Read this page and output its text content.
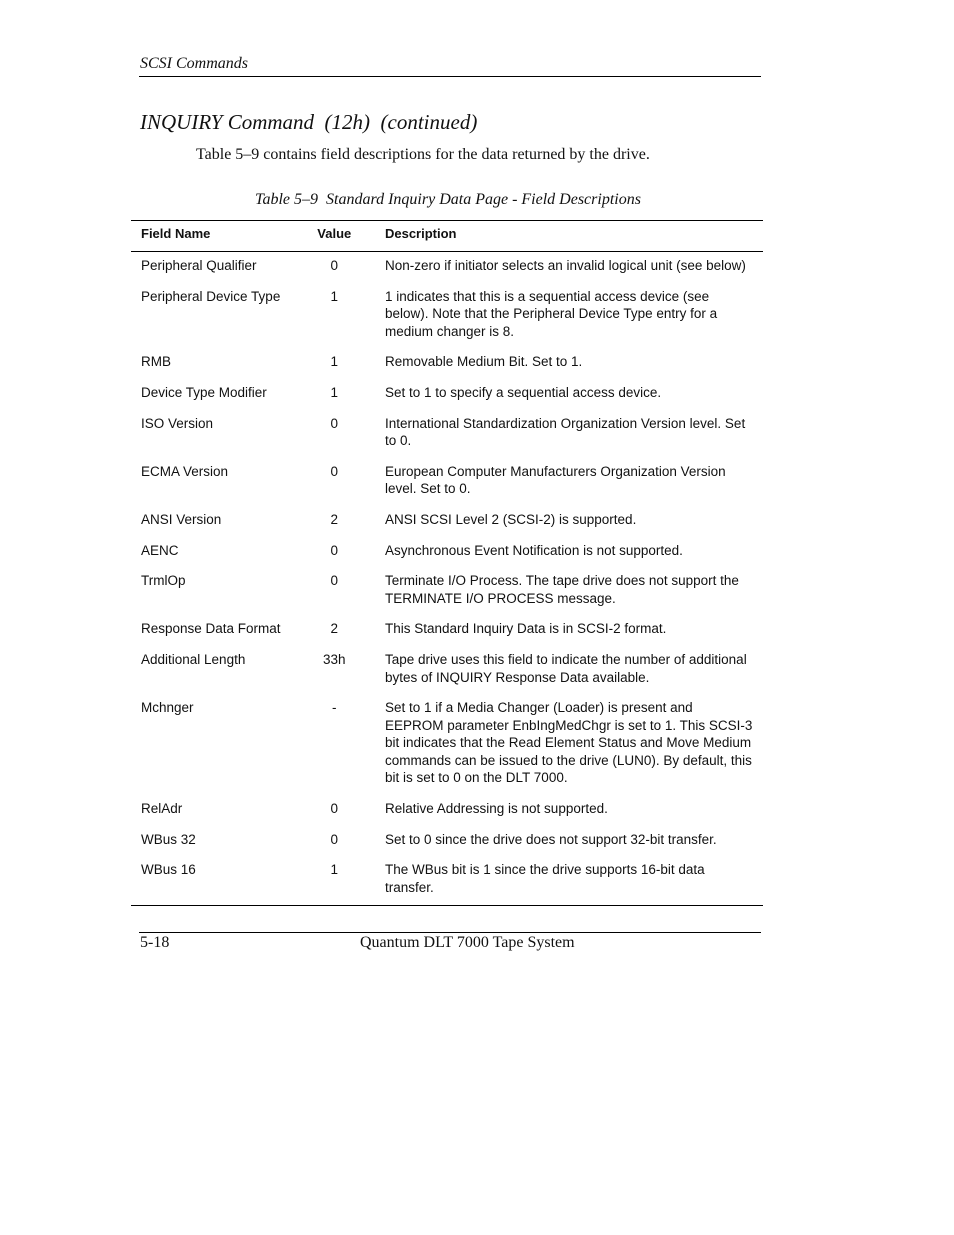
SCSI Commands
INQUIRY Command  (12h)  (continued)
Table 5–9 contains field descriptions for the data returned by the drive.
Table 5–9  Standard Inquiry Data Page - Field Descriptions
Field Name	Value	Description
Peripheral Qualifier	0	Non-zero if initiator selects an invalid logical unit (see below)
Peripheral Device Type	1	1 indicates that this is a sequential access device (see below). Note that the Peripheral Device Type entry for a medium changer is 8.
RMB	1	Removable Medium Bit. Set to 1.
Device Type Modifier	1	Set to 1 to specify a sequential access device.
ISO Version	0	International Standardization Organization Version level. Set to 0.
ECMA Version	0	European Computer Manufacturers Organization Version level. Set to 0.
ANSI Version	2	ANSI SCSI Level 2 (SCSI-2) is supported.
AENC	0	Asynchronous Event Notification is not supported.
TrmlOp	0	Terminate I/O Process. The tape drive does not support the TERMINATE I/O PROCESS message.
Response Data Format	2	This Standard Inquiry Data is in SCSI-2 format.
Additional Length	33h	Tape drive uses this field to indicate the number of additional bytes of INQUIRY Response Data available.
Mchnger	-	Set to 1 if a Media Changer (Loader) is present and EEPROM parameter EnbIngMedChgr is set to 1. This SCSI-3 bit indicates that the Read Element Status and Move Medium commands can be issued to the drive (LUN0). By default, this bit is set to 0 on the DLT 7000.
RelAdr	0	Relative Addressing is not supported.
WBus 32	0	Set to 0 since the drive does not support 32-bit transfer.
WBus 16	1	The WBus bit is 1 since the drive supports 16-bit data transfer.
5-18	Quantum DLT 7000 Tape System
